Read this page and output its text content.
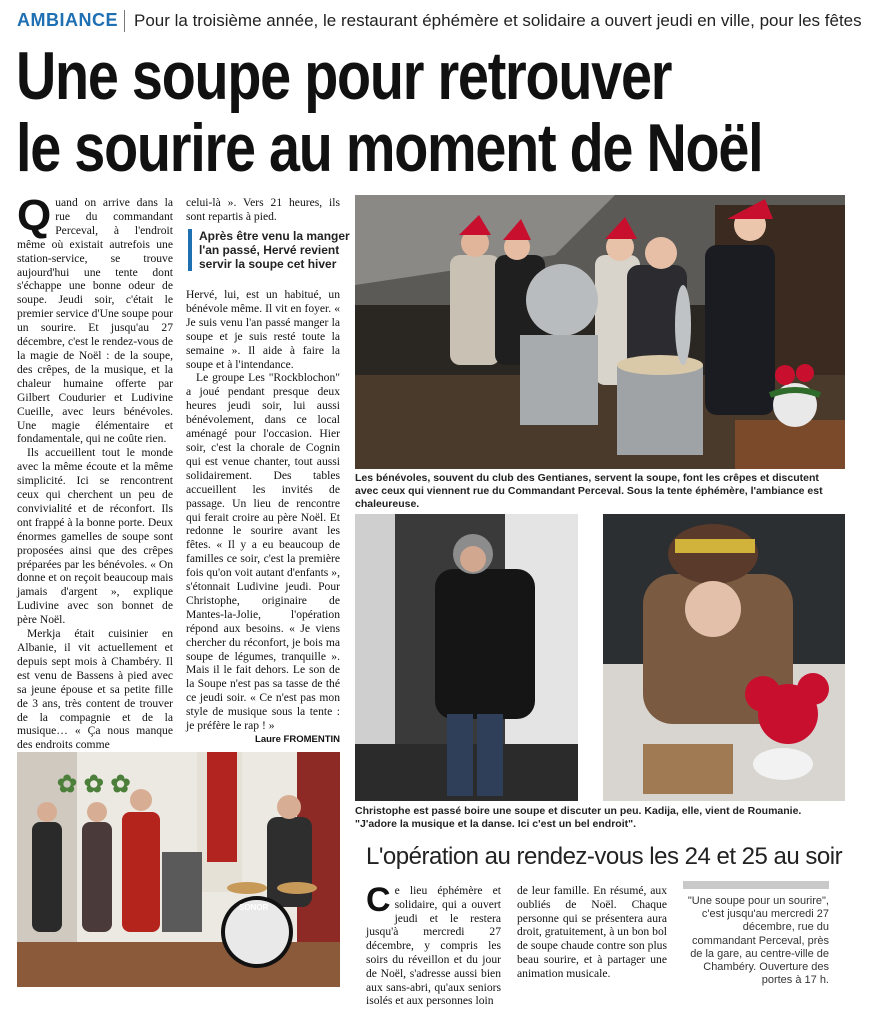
AMBIANCE Pour la troisième année, le restaurant éphémère et solidaire a ouvert jeudi en ville, pour les fêtes
Une soupe pour retrouver
le sourire au moment de Noël

Quand on arrive dans la rue du commandant Perceval, à l'endroit même où existait autrefois une station-service, se trouve aujourd'hui une tente dont s'échappe une bonne odeur de soupe. Jeudi soir, c'était le premier service d'Une soupe pour un sourire. Et jusqu'au 27 décembre, c'est le rendez-vous de la magie de Noël : de la soupe, des crêpes, de la musique, et la chaleur humaine offerte par Gilbert Coudurier et Ludivine Cueille, avec leurs bénévoles. Une magie élémentaire et fondamentale, qui ne coûte rien.

Ils accueillent tout le monde avec la même écoute et la même simplicité. Ici se rencontrent ceux qui cherchent un peu de convivialité et de réconfort. Ils ont frappé à la bonne porte. Deux énormes gamelles de soupe sont proposées ainsi que des crêpes préparées par les bénévoles. « On donne et on reçoit beaucoup mais jamais d'argent », explique Ludivine avec son bonnet de père Noël.

Merkja était cuisinier en Albanie, il vit actuellement et depuis sept mois à Chambéry. Il est venu de Bassens à pied avec sa jeune épouse et sa petite fille de 3 ans, très content de trouver de la compagnie et de la musique… « Ça nous manque des endroits comme

celui-là ». Vers 21 heures, ils sont repartis à pied.

Après être venu la manger l'an passé, Hervé revient servir la soupe cet hiver

Hervé, lui, est un habitué, un bénévole même. Il vit en foyer. « Je suis venu l'an passé manger la soupe et je suis resté toute la semaine ». Il aide à faire la soupe et à l'intendance.

Le groupe Les "Rockblochon" a joué pendant presque deux heures jeudi soir, lui aussi bénévolement, dans ce local aménagé pour l'occasion. Hier soir, c'est la chorale de Cognin qui est venue chanter, tout aussi solidairement. Des tables accueillent les invités de passage. Un lieu de rencontre qui ferait croire au père Noël. Et redonne le sourire avant les fêtes. « Il y a eu beaucoup de familles ce soir, c'est la première fois qu'on voit autant d'enfants », s'étonnait Ludivine jeudi. Pour Christophe, originaire de Mantes-la-Jolie, l'opération répond aux besoins. « Je viens chercher du réconfort, je bois ma soupe de légumes, tranquille ». Mais il le fait dehors. Le son de la Soupe n'est pas sa tasse de thé ce jeudi soir. « Ce n'est pas mon style de musique sous la tente : je préfère le rap ! »

Laure FROMENTIN
Les bénévoles, souvent du club des Gentianes, servent la soupe, font les crêpes et discutent avec ceux qui viennent rue du Commandant Perceval. Sous la tente éphémère, l'ambiance est chaleureuse.
Christophe est passé boire une soupe et discuter un peu. Kadija, elle, vient de Roumanie. "J'adore la musique et la danse. Ici c'est un bel endroit".
✿ ✿ ✿
SONOR
L'opération au rendez-vous les 24 et 25 au soir

Ce lieu éphémère et solidaire, qui a ouvert jeudi et le restera jusqu'à mercredi 27 décembre, y compris les soirs du réveillon et du jour de Noël, s'adresse aussi bien aux sans-abri, qu'aux seniors isolés et aux personnes loin

de leur famille. En résumé, aux oubliés de Noël. Chaque personne qui se présentera aura droit, gratuitement, à un bon bol de soupe chaude contre son plus beau sourire, et à partager une animation musicale.

"Une soupe pour un sourire", c'est jusqu'au mercredi 27 décembre, rue du commandant Perceval, près de la gare, au centre-ville de Chambéry. Ouverture des portes à 17 h.
